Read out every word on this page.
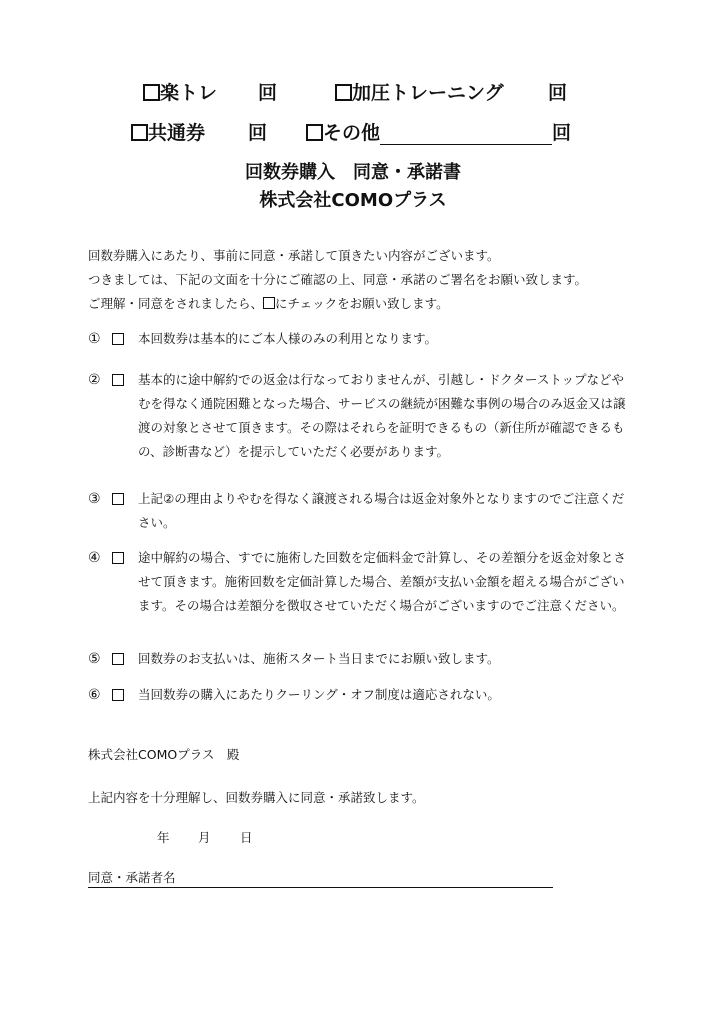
楽トレ 回	加圧トレーニング 回
共通券 回	その他	回
回数券購入　同意・承諾書
株式会社COMOプラス
回数券購入にあたり、事前に同意・承諾して頂きたい内容がございます。
つきましては、下記の文面を十分にご確認の上、同意・承諾のご署名をお願い致します。
ご理解・同意をされましたら、 にチェックをお願い致します。
①	本回数券は基本的にご本人様のみの利用となります。
②	基本的に途中解約での返金は行なっておりませんが、引越し・ドクターストップなどやむを得なく通院困難となった場合、サービスの継続が困難な事例の場合のみ返金又は譲渡の対象とさせて頂きます。その際はそれらを証明できるもの（新住所が確認できるもの、診断書など）を提示していただく必要があります。
③	上記②の理由よりやむを得なく譲渡される場合は返金対象外となりますのでご注意ください。
④	途中解約の場合、すでに施術した回数を定価料金で計算し、その差額分を返金対象とさせて頂きます。施術回数を定価計算した場合、差額が支払い金額を超える場合がございます。その場合は差額分を徴収させていただく場合がございますのでご注意ください。
⑤	回数券のお支払いは、施術スタート当日までにお願い致します。
⑥	当回数券の購入にあたりクーリング・オフ制度は適応されない。
株式会社COMOプラス　殿
上記内容を十分理解し、回数券購入に同意・承諾致します。
年 月 日
同意・承諾者名
